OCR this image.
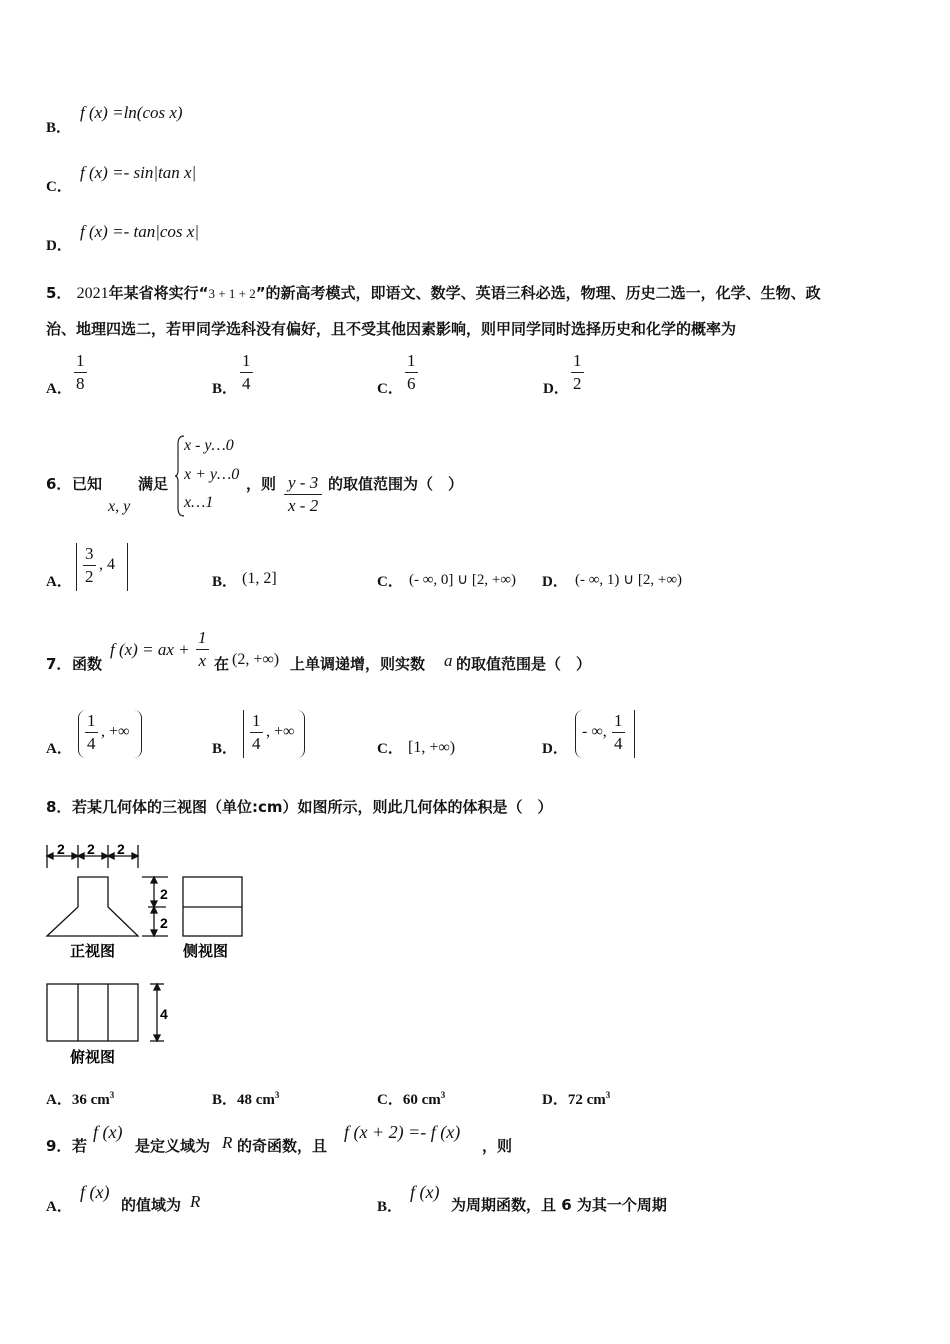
B．
f (x) =ln(cos x)
C．
f (x) =- sin|tan x|
D．
f (x) =- tan|cos x|
5． 2021年某省将实行“3 + 1 + 2”的新高考模式，即语文、数学、英语三科必选，物理、历史二选一，化学、生物、政
治、地理四选二，若甲同学选科没有偏好，且不受其他因素影响，则甲同学同时选择历史和化学的概率为
A． $\frac{1}{8}$	B． $\frac{1}{4}$	C． $\frac{1}{6}$	D． $\frac{1}{2}$
6． 已知
x, y
满足
x - y…0
x + y…0
x…1
，则 $\frac{y - 3}{x - 2}$ 的取值范围为（　）
A． $\frac{3}{2}$ , 4
B． (1, 2]	C． (- ∞, 0] ∪ [2, +∞) D． (- ∞, 1) ∪ [2, +∞)
7． 函数
f (x) = ax + $\frac{1}{x}$ 在 (2, +∞) 上单调递增，则实数 a 的取值范围是（　）
A． $\frac{1}{4}$ , +∞
B． $\frac{1}{4}$ , +∞
C． [1, +∞)	D．
- ∞, $\frac{1}{4}$
8． 若某几何体的三视图（单位:cm）如图所示，则此几何体的体积是（　）
2 2 2
2
2
正视图	侧视图
4
俯视图
A．36 $cm^3$	B．48 $cm^3$	C．60 $cm^3$	D．72 $cm^3$
9． 若
f (x)
是定义域为 R 的奇函数，且
f (x + 2) =- f (x)
，则
A．
f (x)
的值域为 R	B．
f (x)
为周期函数，且 6 为其一个周期
